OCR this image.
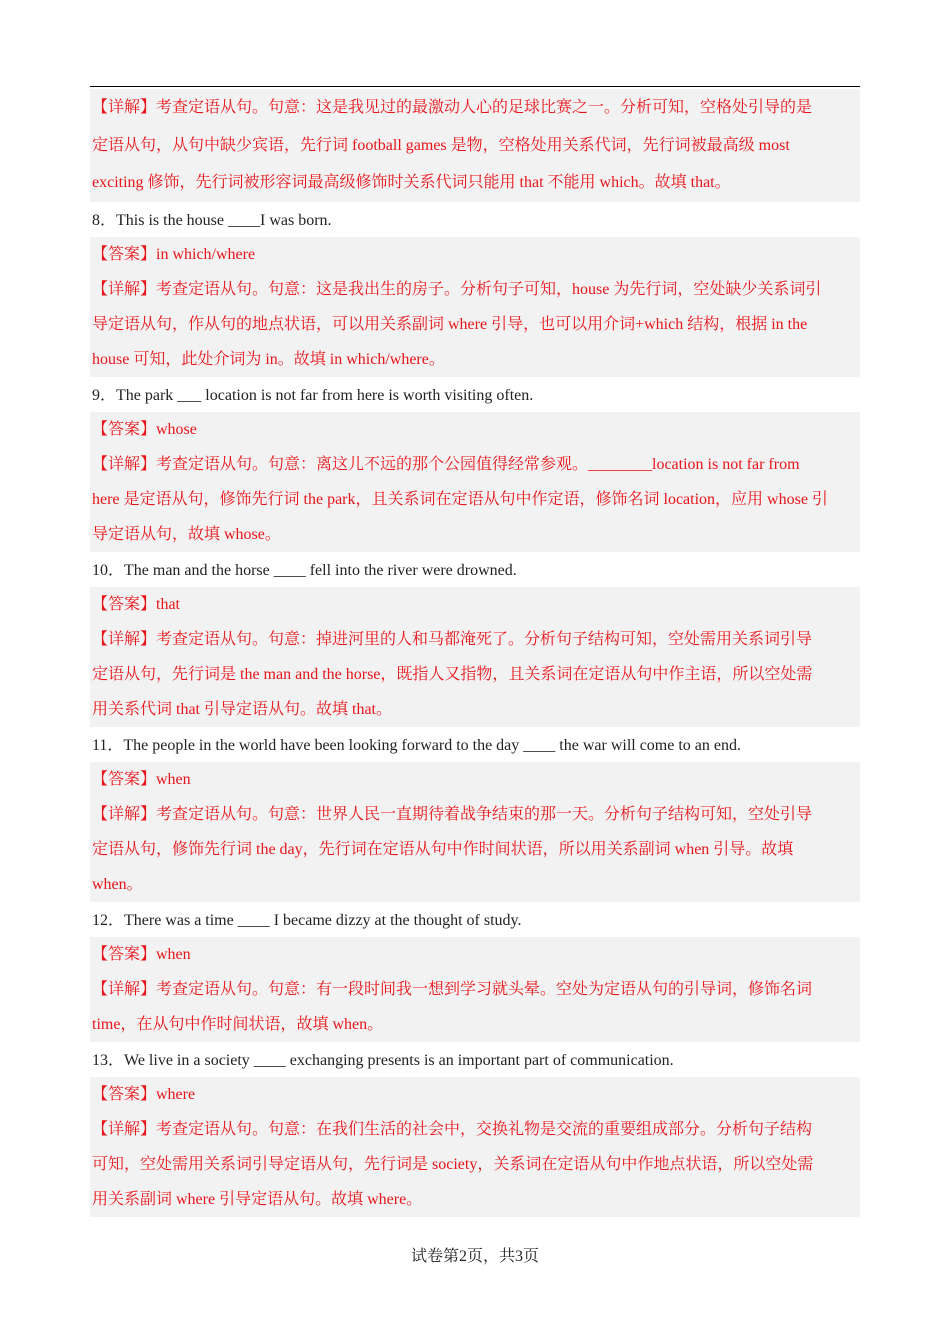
【详解】考查定语从句。句意：这是我见过的最激动人心的足球比赛之一。分析可知，空格处引导的是
定语从句，从句中缺少宾语，先行词 football games 是物，空格处用关系代词，先行词被最高级 most
exciting 修饰，先行词被形容词最高级修饰时关系代词只能用 that 不能用 which。故填 that。
8．This is the house ____I was born.
【答案】in which/where
【详解】考查定语从句。句意：这是我出生的房子。分析句子可知，house 为先行词，空处缺少关系词引
导定语从句，作从句的地点状语，可以用关系副词 where 引导，也可以用介词+which 结构，根据 in the
house 可知，此处介词为 in。故填 in which/where。
9．The park ___ location is not far from here is worth visiting often.
【答案】whose
【详解】考查定语从句。句意：离这儿不远的那个公园值得经常参观。________location is not far from
here 是定语从句，修饰先行词 the park，且关系词在定语从句中作定语，修饰名词 location，应用 whose 引
导定语从句，故填 whose。
10．The man and the horse ____ fell into the river were drowned.
【答案】that
【详解】考查定语从句。句意：掉进河里的人和马都淹死了。分析句子结构可知，空处需用关系词引导
定语从句，先行词是 the man and the horse，既指人又指物，且关系词在定语从句中作主语，所以空处需
用关系代词 that 引导定语从句。故填 that。
11．The people in the world have been looking forward to the day ____ the war will come to an end.
【答案】when
【详解】考查定语从句。句意：世界人民一直期待着战争结束的那一天。分析句子结构可知，空处引导
定语从句，修饰先行词 the day，先行词在定语从句中作时间状语，所以用关系副词 when 引导。故填
when。
12．There was a time ____ I became dizzy at the thought of study.
【答案】when
【详解】考查定语从句。句意：有一段时间我一想到学习就头晕。空处为定语从句的引导词，修饰名词
time，在从句中作时间状语，故填 when。
13．We live in a society ____ exchanging presents is an important part of communication.
【答案】where
【详解】考查定语从句。句意：在我们生活的社会中，交换礼物是交流的重要组成部分。分析句子结构
可知，空处需用关系词引导定语从句，先行词是 society，关系词在定语从句中作地点状语，所以空处需
用关系副词 where 引导定语从句。故填 where。
试卷第2页，共3页
